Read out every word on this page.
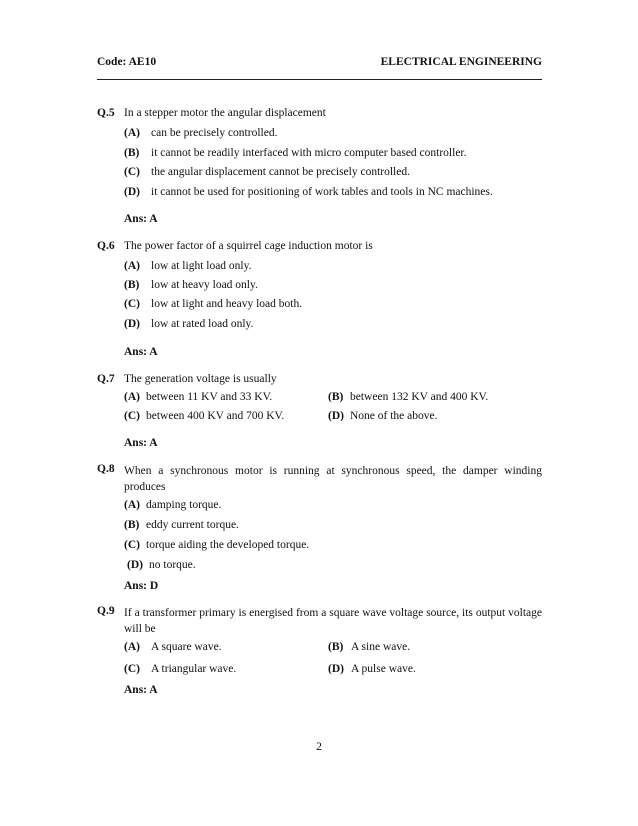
Code: AE10	ELECTRICAL ENGINEERING
Q.5 In a stepper motor the angular displacement
(A) can be precisely controlled.
(B) it cannot be readily interfaced with micro computer based controller.
(C) the angular displacement cannot be precisely controlled.
(D) it cannot be used for positioning of work tables and tools in NC machines.
Ans: A
Q.6 The power factor of a squirrel cage induction motor is
(A) low at light load only.
(B) low at heavy load only.
(C) low at light and heavy load both.
(D) low at rated load only.
Ans: A
Q.7 The generation voltage is usually
(A) between 11 KV and 33 KV.	(B) between 132 KV and 400 KV.
(C) between 400 KV and 700 KV.	(D) None of the above.
Ans: A
Q.8 When a synchronous motor is running at synchronous speed, the damper winding produces
(A) damping torque.
(B) eddy current torque.
(C) torque aiding the developed torque.
(D) no torque.
Ans: D
Q.9 If a transformer primary is energised from a square wave voltage source, its output voltage will be
(A) A square wave.	(B) A sine wave.
(C) A triangular wave.	(D) A pulse wave.
Ans: A
2
